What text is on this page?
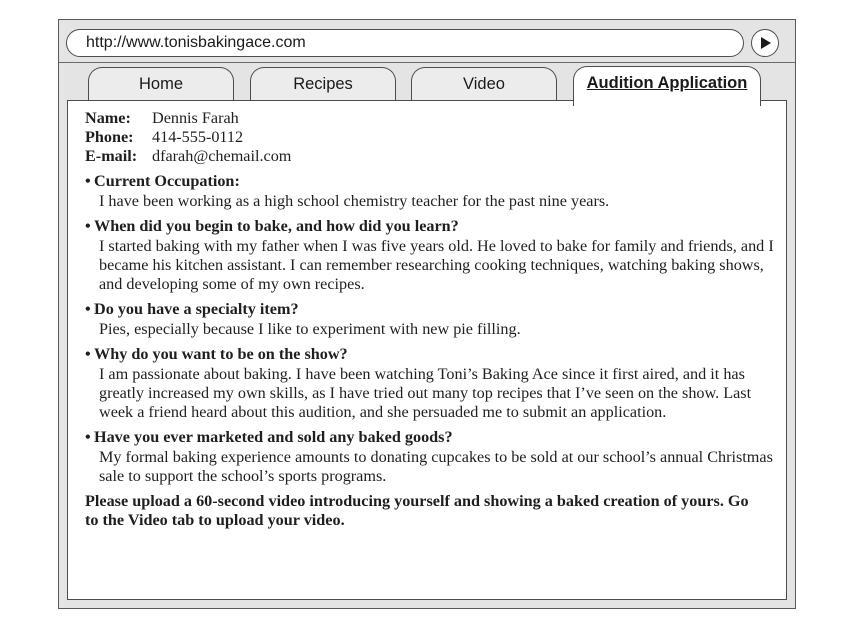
http://www.tonisbakingace.com
Home	Recipes	Video	Audition Application
Name: Dennis Farah
Phone: 414-555-0112
E-mail: dfarah@chemail.com
• Current Occupation:
I have been working as a high school chemistry teacher for the past nine years.
• When did you begin to bake, and how did you learn?
I started baking with my father when I was five years old. He loved to bake for family and friends, and I became his kitchen assistant. I can remember researching cooking techniques, watching baking shows, and developing some of my own recipes.
• Do you have a specialty item?
Pies, especially because I like to experiment with new pie filling.
• Why do you want to be on the show?
I am passionate about baking. I have been watching Toni’s Baking Ace since it first aired, and it has greatly increased my own skills, as I have tried out many top recipes that I’ve seen on the show. Last week a friend heard about this audition, and she persuaded me to submit an application.
• Have you ever marketed and sold any baked goods?
My formal baking experience amounts to donating cupcakes to be sold at our school’s annual Christmas sale to support the school’s sports programs.
Please upload a 60-second video introducing yourself and showing a baked creation of yours. Go to the Video tab to upload your video.
